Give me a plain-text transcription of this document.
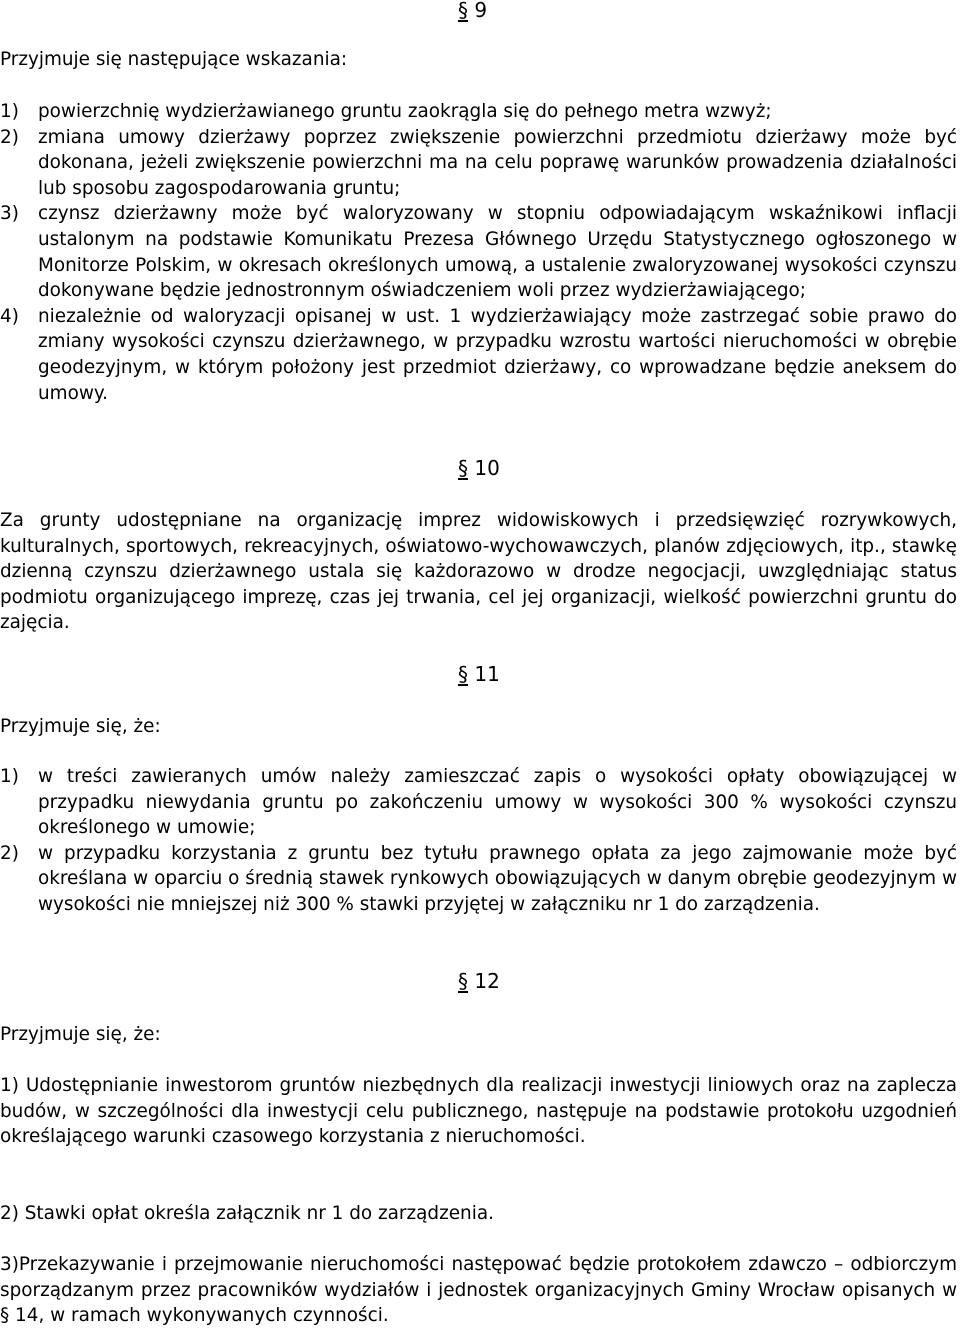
§ 9
Przyjmuje się następujące wskazania:
1)	powierzchnię wydzierżawianego gruntu zaokrągla się do pełnego metra wzwyż;
2)	zmiana umowy dzierżawy poprzez zwiększenie powierzchni przedmiotu dzierżawy może być dokonana, jeżeli zwiększenie powierzchni ma na celu poprawę warunków prowadzenia działalności lub sposobu zagospodarowania gruntu;
3)	czynsz dzierżawny może być waloryzowany w stopniu odpowiadającym wskaźnikowi inflacji ustalonym na podstawie Komunikatu Prezesa Głównego Urzędu Statystycznego ogłoszonego w Monitorze Polskim, w okresach określonych umową, a ustalenie zwaloryzowanej wysokości czynszu dokonywane będzie jednostronnym oświadczeniem woli przez wydzierżawiającego;
4)	niezależnie od waloryzacji opisanej w ust. 1 wydzierżawiający może zastrzegać sobie prawo do zmiany wysokości czynszu dzierżawnego, w przypadku wzrostu wartości nieruchomości w obrębie geodezyjnym, w którym położony jest przedmiot dzierżawy, co wprowadzane będzie aneksem do umowy.
§ 10
Za grunty udostępniane na organizację imprez widowiskowych i przedsięwzięć rozrywkowych, kulturalnych, sportowych, rekreacyjnych, oświatowo-wychowawczych, planów zdjęciowych, itp., stawkę dzienną czynszu dzierżawnego ustala się każdorazowo w drodze negocjacji, uwzględniając status podmiotu organizującego imprezę, czas jej trwania, cel jej organizacji, wielkość powierzchni gruntu do zajęcia.
§ 11
Przyjmuje się, że:
1)	w treści zawieranych umów należy zamieszczać zapis o wysokości opłaty obowiązującej w przypadku niewydania gruntu po zakończeniu umowy w wysokości 300 % wysokości czynszu określonego w umowie;
2)	w przypadku korzystania z gruntu bez tytułu prawnego opłata za jego zajmowanie może być określana w oparciu o średnią stawek rynkowych obowiązujących w danym obrębie geodezyjnym w wysokości nie mniejszej niż 300 % stawki przyjętej w załączniku nr 1 do zarządzenia.
§ 12
Przyjmuje się, że:
1) Udostępnianie inwestorom gruntów niezbędnych dla realizacji inwestycji liniowych oraz na zaplecza budów, w szczególności dla inwestycji celu publicznego, następuje na podstawie protokołu uzgodnień określającego warunki czasowego korzystania z nieruchomości.
2) Stawki opłat określa załącznik nr 1 do zarządzenia.
3)Przekazywanie i przejmowanie nieruchomości następować będzie protokołem zdawczo – odbiorczym sporządzanym przez pracowników wydziałów i jednostek organizacyjnych Gminy Wrocław opisanych w § 14, w ramach wykonywanych czynności.
